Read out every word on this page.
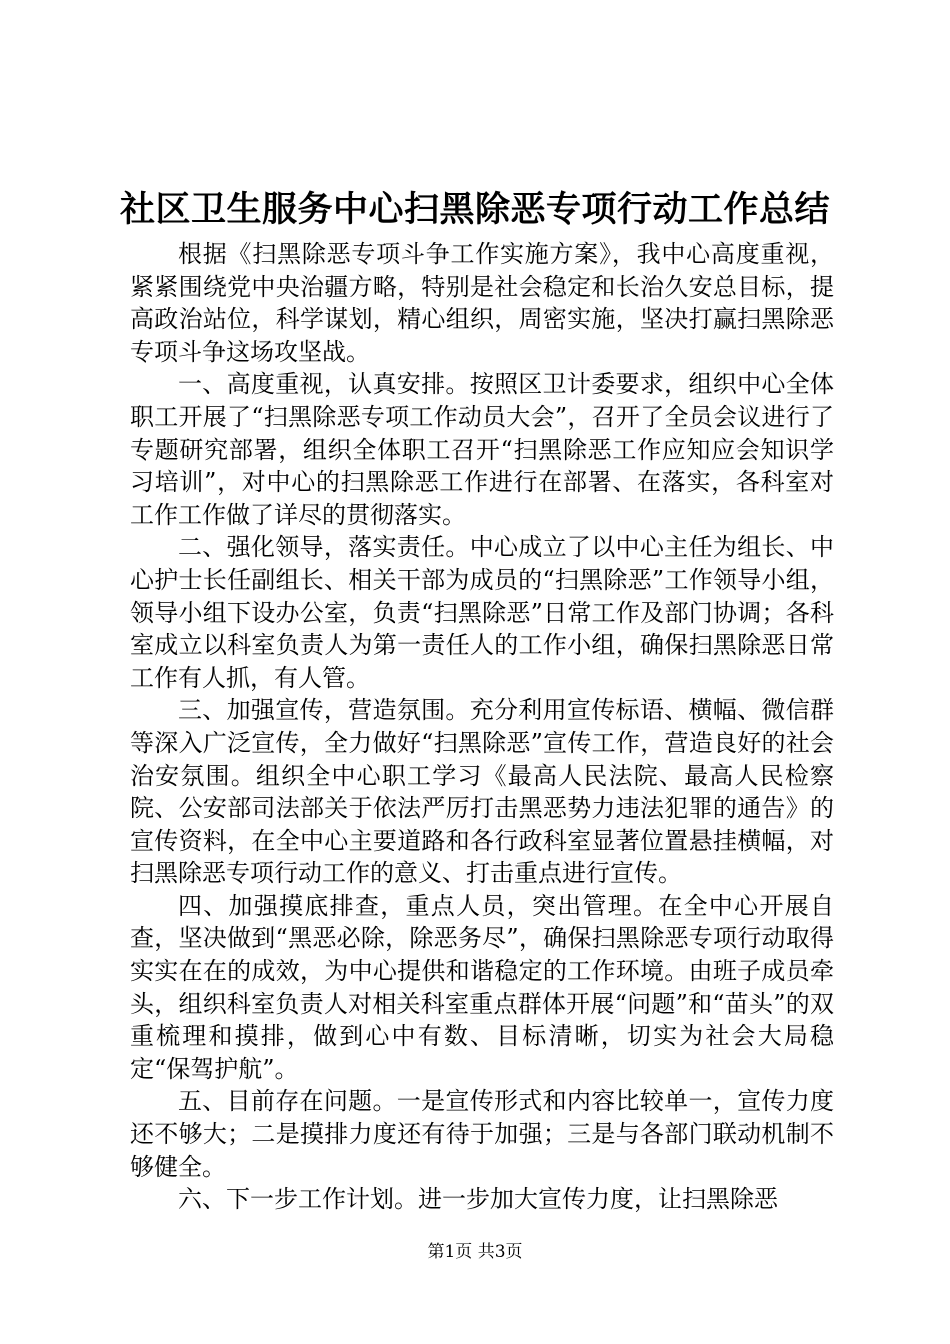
社区卫生服务中心扫黑除恶专项行动工作总结

根据《扫黑除恶专项斗争工作实施方案》，我中心高度重视，紧紧围绕党中央治疆方略，特别是社会稳定和长治久安总目标，提高政治站位，科学谋划，精心组织，周密实施，坚决打赢扫黑除恶专项斗争这场攻坚战。

一、高度重视，认真安排。按照区卫计委要求，组织中心全体职工开展了“扫黑除恶专项工作动员大会”，召开了全员会议进行了专题研究部署，组织全体职工召开“扫黑除恶工作应知应会知识学习培训”，对中心的扫黑除恶工作进行在部署、在落实，各科室对工作工作做了详尽的贯彻落实。

二、强化领导，落实责任。中心成立了以中心主任为组长、中心护士长任副组长、相关干部为成员的“扫黑除恶”工作领导小组，领导小组下设办公室，负责“扫黑除恶”日常工作及部门协调；各科室成立以科室负责人为第一责任人的工作小组，确保扫黑除恶日常工作有人抓，有人管。

三、加强宣传，营造氛围。充分利用宣传标语、横幅、微信群等深入广泛宣传，全力做好“扫黑除恶”宣传工作，营造良好的社会治安氛围。组织全中心职工学习《最高人民法院、最高人民检察院、公安部司法部关于依法严厉打击黑恶势力违法犯罪的通告》的宣传资料，在全中心主要道路和各行政科室显著位置悬挂横幅，对扫黑除恶专项行动工作的意义、打击重点进行宣传。

四、加强摸底排查，重点人员，突出管理。在全中心开展自查，坚决做到“黑恶必除，除恶务尽”，确保扫黑除恶专项行动取得实实在在的成效，为中心提供和谐稳定的工作环境。由班子成员牵头，组织科室负责人对相关科室重点群体开展“问题”和“苗头”的双重梳理和摸排，做到心中有数、目标清晰，切实为社会大局稳定“保驾护航”。

五、目前存在问题。一是宣传形式和内容比较单一，宣传力度还不够大；二是摸排力度还有待于加强；三是与各部门联动机制不够健全。

六、下一步工作计划。进一步加大宣传力度，让扫黑除恶

第1页 共3页
